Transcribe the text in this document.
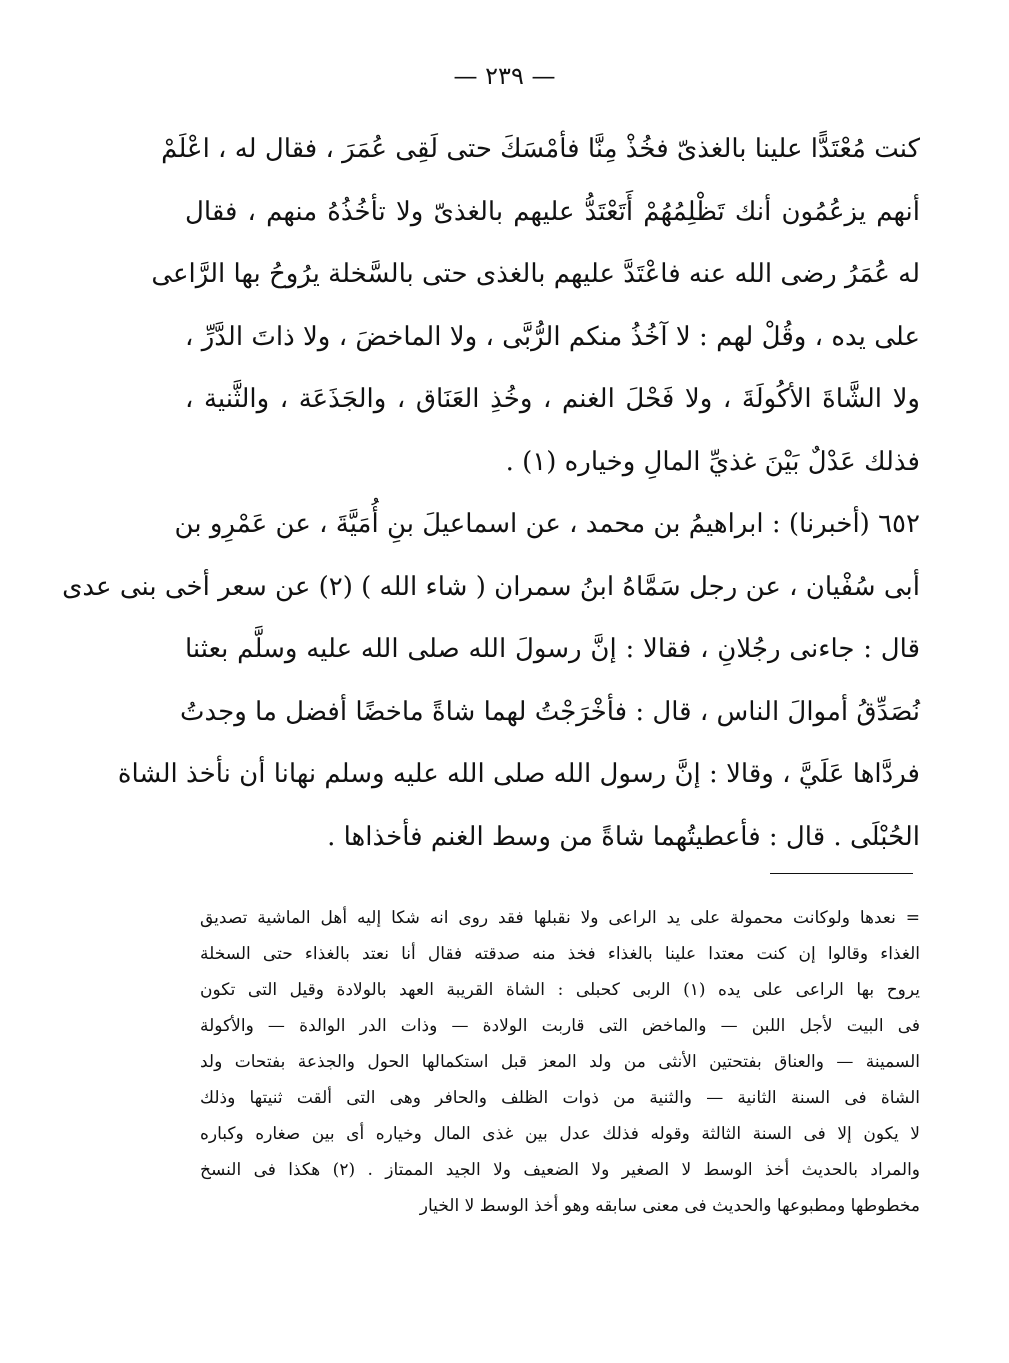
— ٢٣٩ —
كنت مُعْتَدًّا علينا بالغذىّ فخُذْ مِنَّا فأمْسَكَ حتى لَقِى عُمَرَ ، فقال له ، اعْلَمْ
أنهم يزعُمُون أنك تَظْلِمُهُمْ أَتَعْتَدُّ عليهم بالغذىّ ولا تأخُذُهُ منهم ، فقال
له عُمَرُ رضى الله عنه فاعْتَدَّ عليهم بالغذى حتى بالسَّخلة يرُوحُ بها الرَّاعى
على يده ، وقُلْ لهم : لا آخُذُ منكم الرُّبَّى ، ولا الماخضَ ، ولا ذاتَ الدَّرِّ ،
ولا الشَّاةَ الأكُولَةَ ، ولا فَحْلَ الغنم ، وخُذِ العَنَاق ، والجَذَعَة ، والثَّنية ،
فذلك عَدْلٌ بَيْنَ غذيِّ المالِ وخياره (١) .
٦٥٢ (أخبرنا) : ابراهيمُ بن محمد ، عن اسماعيلَ بنِ أُمَيَّةَ ، عن عَمْرِو بن
أبى سُفْيان ، عن رجل سَمَّاهُ ابنُ سمران ( شاء الله ) (٢) عن سعر أخى بنى عدى
قال : جاءنى رجُلانِ ، فقالا : إنَّ رسولَ الله صلى الله عليه وسلَّم بعثنا
نُصَدِّقُ أموالَ الناس ، قال : فأخْرَجْتُ لهما شاةً ماخضًا أفضل ما وجدتُ
فردَّاها عَلَيَّ ، وقالا : إنَّ رسول الله صلى الله عليه وسلم نهانا أن نأخذ الشاة
الحُبْلَى . قال : فأعطيتُهما شاةً من وسط الغنم فأخذاها .
= نعدها ولوكانت محمولة على يد الراعى ولا نقبلها فقد روى انه شكا إليه أهل الماشية تصديق
الغذاء وقالوا إن كنت معتدا علينا بالغذاء فخذ منه صدقته فقال أنا نعتد بالغذاء حتى السخلة
يروح بها الراعى على يده (١) الربى كحبلى : الشاة القريبة العهد بالولادة وقيل التى تكون
فى البيت لأجل اللبن — والماخض التى قاربت الولادة — وذات الدر الوالدة — والأكولة
السمينة — والعناق بفتحتين الأنثى من ولد المعز قبل استكمالها الحول والجذعة بفتحات ولد
الشاة فى السنة الثانية — والثنية من ذوات الظلف والحافر وهى التى ألقت ثنيتها وذلك
لا يكون إلا فى السنة الثالثة وقوله فذلك عدل بين غذى المال وخياره أى بين صغاره وكباره
والمراد بالحديث أخذ الوسط لا الصغير ولا الضعيف ولا الجيد الممتاز . (٢) هكذا فى النسخ
مخطوطها ومطبوعها والحديث فى معنى سابقه وهو أخذ الوسط لا الخيار
